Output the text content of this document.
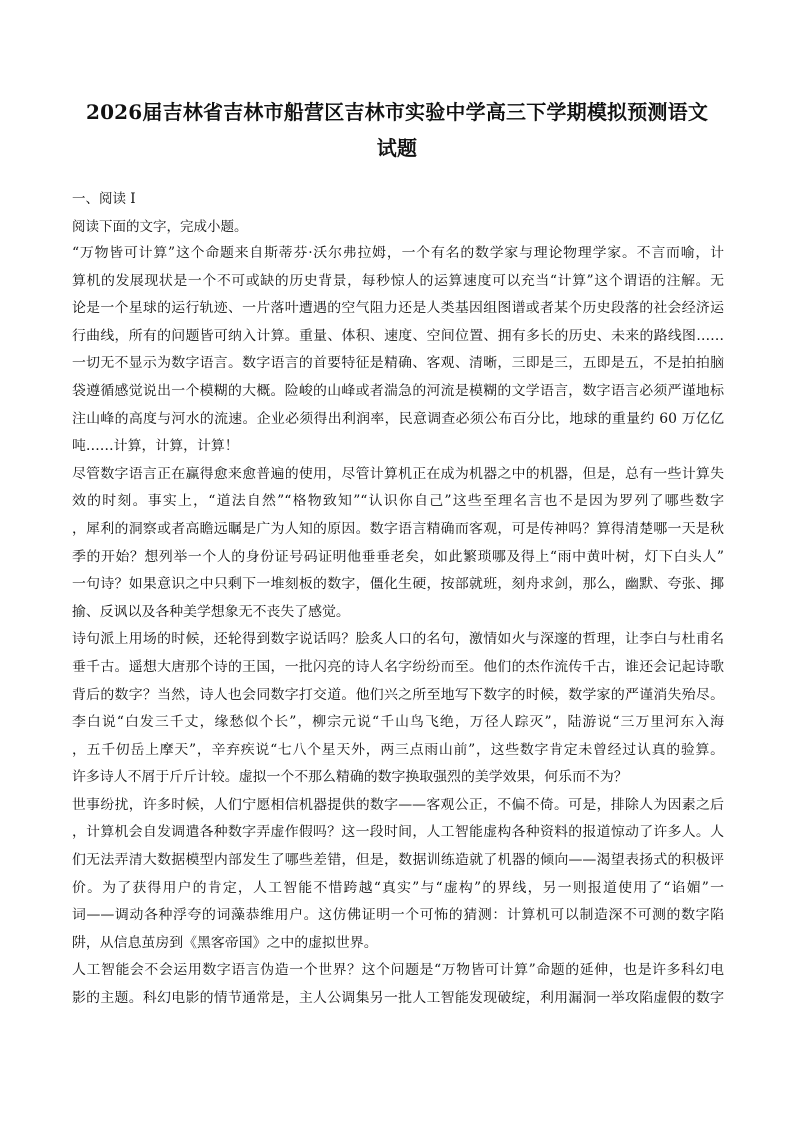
2026届吉林省吉林市船营区吉林市实验中学高三下学期模拟预测语文
试题
一、阅读 I
阅读下面的文字，完成小题。
“万物皆可计算”这个命题来自斯蒂芬·沃尔弗拉姆，一个有名的数学家与理论物理学家。不言而喻，计
算机的发展现状是一个不可或缺的历史背景，每秒惊人的运算速度可以充当“计算”这个谓语的注解。无
论是一个星球的运行轨迹、一片落叶遭遇的空气阻力还是人类基因组图谱或者某个历史段落的社会经济运
行曲线，所有的问题皆可纳入计算。重量、体积、速度、空间位置、拥有多长的历史、未来的路线图……
一切无不显示为数字语言。数字语言的首要特征是精确、客观、清晰，三即是三，五即是五，不是拍拍脑
袋遵循感觉说出一个模糊的大概。险峻的山峰或者湍急的河流是模糊的文学语言，数字语言必须严谨地标
注山峰的高度与河水的流速。企业必须得出利润率，民意调查必须公布百分比，地球的重量约 60 万亿亿
吨……计算，计算，计算！
尽管数字语言正在赢得愈来愈普遍的使用，尽管计算机正在成为机器之中的机器，但是，总有一些计算失
效的时刻。事实上，“道法自然”“格物致知”“认识你自己”这些至理名言也不是因为罗列了哪些数字
，犀利的洞察或者高瞻远瞩是广为人知的原因。数字语言精确而客观，可是传神吗？算得清楚哪一天是秋
季的开始？想列举一个人的身份证号码证明他垂垂老矣，如此繁琐哪及得上“雨中黄叶树，灯下白头人”
一句诗？如果意识之中只剩下一堆刻板的数字，僵化生硬，按部就班，刻舟求剑，那么，幽默、夸张、揶
揄、反讽以及各种美学想象无不丧失了感觉。
诗句派上用场的时候，还轮得到数字说话吗？脍炙人口的名句，激情如火与深邃的哲理，让李白与杜甫名
垂千古。遥想大唐那个诗的王国，一批闪亮的诗人名字纷纷而至。他们的杰作流传千古，谁还会记起诗歌
背后的数字？当然，诗人也会同数字打交道。他们兴之所至地写下数字的时候，数学家的严谨消失殆尽。
李白说“白发三千丈，缘愁似个长”，柳宗元说“千山鸟飞绝，万径人踪灭”，陆游说“三万里河东入海
，五千仞岳上摩天”，辛弃疾说“七八个星天外，两三点雨山前”，这些数字肯定未曾经过认真的验算。
许多诗人不屑于斤斤计较。虚拟一个不那么精确的数字换取强烈的美学效果，何乐而不为？
世事纷扰，许多时候，人们宁愿相信机器提供的数字——客观公正，不偏不倚。可是，排除人为因素之后
，计算机会自发调遣各种数字弄虚作假吗？这一段时间，人工智能虚构各种资料的报道惊动了许多人。人
们无法弄清大数据模型内部发生了哪些差错，但是，数据训练造就了机器的倾向——渴望表扬式的积极评
价。为了获得用户的肯定，人工智能不惜跨越“真实”与“虚构”的界线，另一则报道使用了“谄媚”一
词——调动各种浮夸的词藻恭维用户。这仿佛证明一个可怖的猜测：计算机可以制造深不可测的数字陷
阱，从信息茧房到《黑客帝国》之中的虚拟世界。
人工智能会不会运用数字语言伪造一个世界？这个问题是“万物皆可计算”命题的延伸，也是许多科幻电
影的主题。科幻电影的情节通常是，主人公调集另一批人工智能发现破绽，利用漏洞一举攻陷虚假的数字
